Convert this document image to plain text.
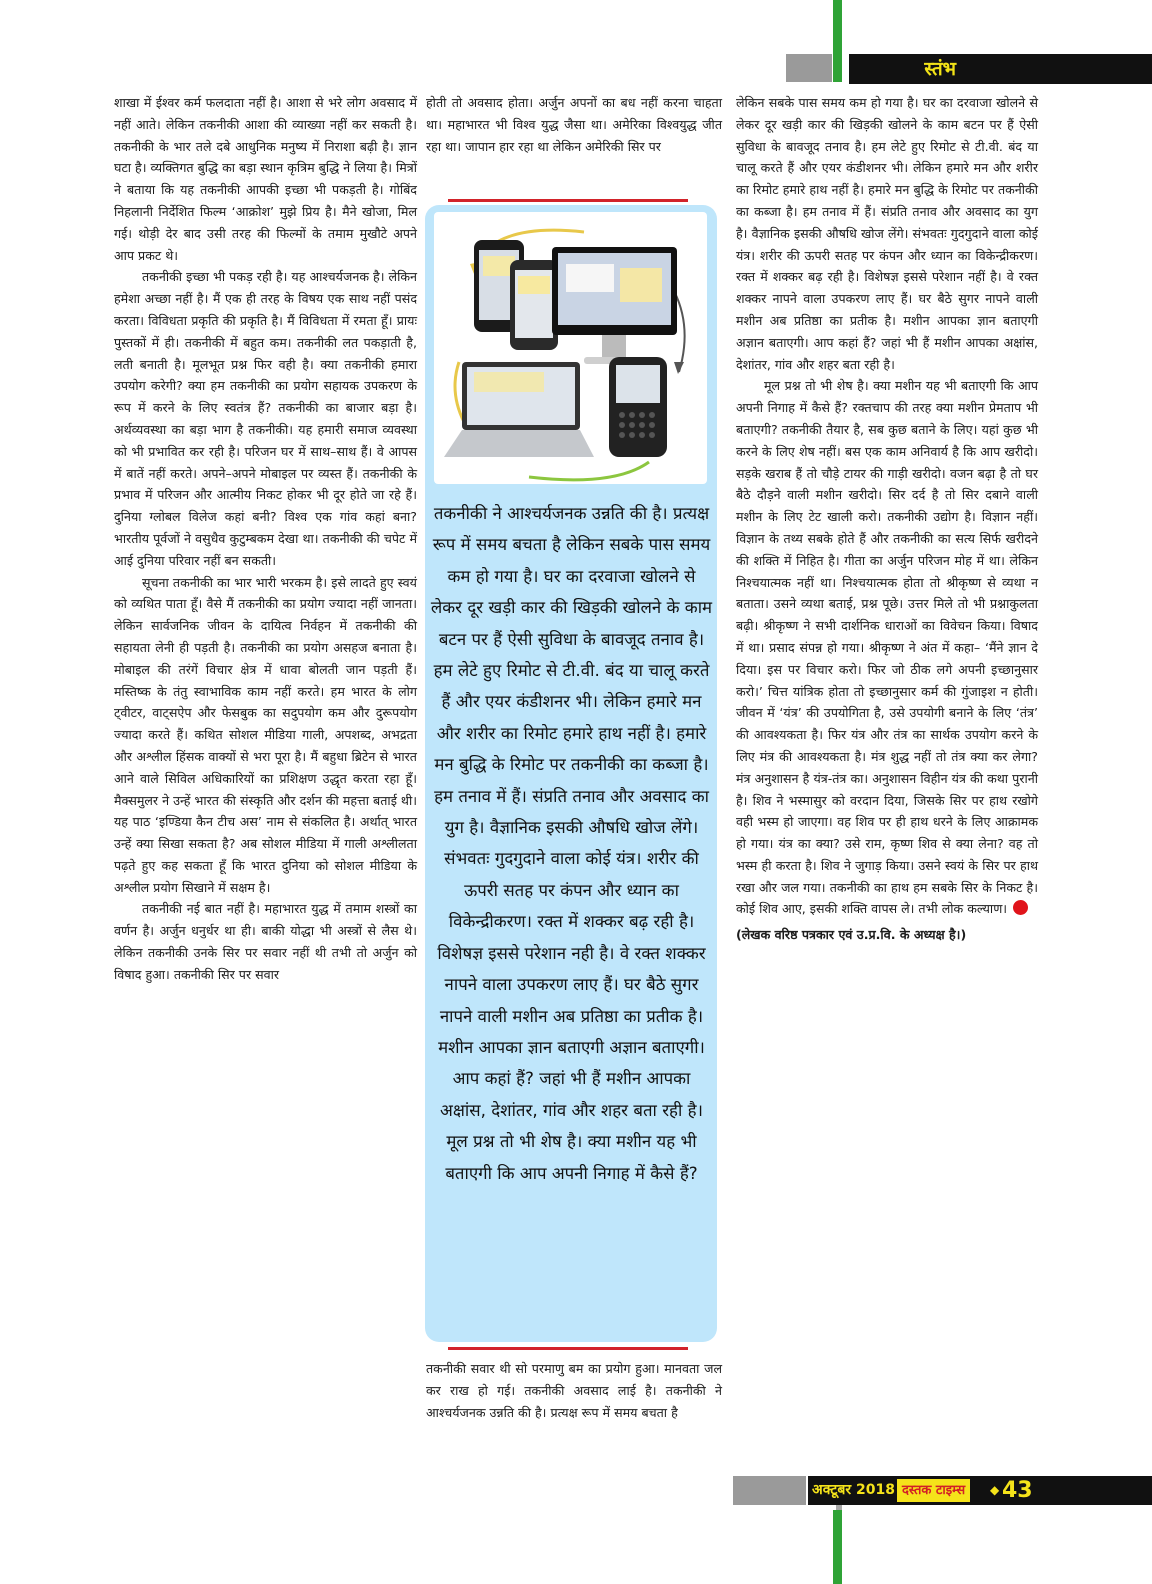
स्तंभ

शाखा में ईश्वर कर्म फलदाता नहीं है। आशा से भरे लोग अवसाद में नहीं आते। लेकिन तकनीकी आशा की व्याख्या नहीं कर सकती है। तकनीकी के भार तले दबे आधुनिक मनुष्य में निराशा बढ़ी है। ज्ञान घटा है। व्यक्तिगत बुद्धि का बड़ा स्थान कृत्रिम बुद्धि ने लिया है। मित्रों ने बताया कि यह तकनीकी आपकी इच्छा भी पकड़ती है। गोबिंद निहलानी निर्देशित फिल्म ‘आक्रोश’ मुझे प्रिय है। मैने खोजा, मिल गई। थोड़ी देर बाद उसी तरह की फिल्मों के तमाम मुखौटे अपने आप प्रकट थे।

तकनीकी इच्छा भी पकड़ रही है। यह आश्चर्यजनक है। लेकिन हमेशा अच्छा नहीं है। मैं एक ही तरह के विषय एक साथ नहीं पसंद करता। विविधता प्रकृति की प्रकृति है। मैं विविधता में रमता हूँ। प्रायः पुस्तकों में ही। तकनीकी में बहुत कम। तकनीकी लत पकड़ाती है, लती बनाती है। मूलभूत प्रश्न फिर वही है। क्या तकनीकी हमारा उपयोग करेगी? क्या हम तकनीकी का प्रयोग सहायक उपकरण के रूप में करने के लिए स्वतंत्र हैं? तकनीकी का बाजार बड़ा है। अर्थव्यवस्था का बड़ा भाग है तकनीकी। यह हमारी समाज व्यवस्था को भी प्रभावित कर रही है। परिजन घर में साथ–साथ हैं। वे आपस में बातें नहीं करते। अपने–अपने मोबाइल पर व्यस्त हैं। तकनीकी के प्रभाव में परिजन और आत्मीय निकट होकर भी दूर होते जा रहे हैं। दुनिया ग्लोबल विलेज कहां बनी? विश्व एक गांव कहां बना? भारतीय पूर्वजों ने वसुधैव कुटुम्बकम देखा था। तकनीकी की चपेट में आई दुनिया परिवार नहीं बन सकती।

सूचना तकनीकी का भार भारी भरकम है। इसे लादते हुए स्वयं को व्यथित पाता हूँ। वैसे मैं तकनीकी का प्रयोग ज्यादा नहीं जानता। लेकिन सार्वजनिक जीवन के दायित्व निर्वहन में तकनीकी की सहायता लेनी ही पड़ती है। तकनीकी का प्रयोग असहज बनाता है। मोबाइल की तरंगें विचार क्षेत्र में धावा बोलती जान पड़ती हैं। मस्तिष्क के तंतु स्वाभाविक काम नहीं करते। हम भारत के लोग ट्वीटर, वाट्सऐप और फेसबुक का सदुपयोग कम और दुरूपयोग ज्यादा करते हैं। कथित सोशल मीडिया गाली, अपशब्द, अभद्रता और अश्लील हिंसक वाक्यों से भरा पूरा है। मैं बहुधा ब्रिटेन से भारत आने वाले सिविल अधिकारियों का प्रशिक्षण उद्धृत करता रहा हूँ। मैक्समुलर ने उन्हें भारत की संस्कृति और दर्शन की महत्ता बताई थी। यह पाठ ‘इण्डिया कैन टीच अस’ नाम से संकलित है। अर्थात् भारत उन्हें क्या सिखा सकता है? अब सोशल मीडिया में गाली अश्लीलता पढ़ते हुए कह सकता हूँ कि भारत दुनिया को सोशल मीडिया के अश्लील प्रयोग सिखाने में सक्षम है।

तकनीकी नई बात नहीं है। महाभारत युद्ध में तमाम शस्त्रों का वर्णन है। अर्जुन धनुर्धर था ही। बाकी योद्धा भी अस्त्रों से लैस थे। लेकिन तकनीकी उनके सिर पर सवार नहीं थी तभी तो अर्जुन को विषाद हुआ। तकनीकी सिर पर सवार

होती तो अवसाद होता। अर्जुन अपनों का बध नहीं करना चाहता था। महाभारत भी विश्व युद्ध जैसा था। अमेरिका विश्वयुद्ध जीत रहा था। जापान हार रहा था लेकिन अमेरिकी सिर पर

तकनीकी ने आश्चर्यजनक उन्नति की है। प्रत्यक्ष रूप में समय बचता है लेकिन सबके पास समय कम हो गया है। घर का दरवाजा खोलने से लेकर दूर खड़ी कार की खिड़की खोलने के काम बटन पर हैं ऐसी सुविधा के बावजूद तनाव है। हम लेटे हुए रिमोट से टी.वी. बंद या चालू करते हैं और एयर कंडीशनर भी। लेकिन हमारे मन और शरीर का रिमोट हमारे हाथ नहीं है। हमारे मन बुद्धि के रिमोट पर तकनीकी का कब्जा है। हम तनाव में हैं। संप्रति तनाव और अवसाद का युग है। वैज्ञानिक इसकी औषधि खोज लेंगे। संभवतः गुदगुदाने वाला कोई यंत्र। शरीर की ऊपरी सतह पर कंपन और ध्यान का विकेन्द्रीकरण। रक्त में शक्कर बढ़ रही है। विशेषज्ञ इससे परेशान नही है। वे रक्त शक्कर नापने वाला उपकरण लाए हैं। घर बैठे सुगर नापने वाली मशीन अब प्रतिष्ठा का प्रतीक है। मशीन आपका ज्ञान बताएगी अज्ञान बताएगी। आप कहां हैं? जहां भी हैं मशीन आपका अक्षांस, देशांतर, गांव और शहर बता रही है। मूल प्रश्न तो भी शेष है। क्या मशीन यह भी बताएगी कि आप अपनी निगाह में कैसे हैं?

तकनीकी सवार थी सो परमाणु बम का प्रयोग हुआ। मानवता जल कर राख हो गई। तकनीकी अवसाद लाई है। तकनीकी ने आश्चर्यजनक उन्नति की है। प्रत्यक्ष रूप में समय बचता है

लेकिन सबके पास समय कम हो गया है। घर का दरवाजा खोलने से लेकर दूर खड़ी कार की खिड़की खोलने के काम बटन पर हैं ऐसी सुविधा के बावजूद तनाव है। हम लेटे हुए रिमोट से टी.वी. बंद या चालू करते हैं और एयर कंडीशनर भी। लेकिन हमारे मन और शरीर का रिमोट हमारे हाथ नहीं है। हमारे मन बुद्धि के रिमोट पर तकनीकी का कब्जा है। हम तनाव में हैं। संप्रति तनाव और अवसाद का युग है। वैज्ञानिक इसकी औषधि खोज लेंगे। संभवतः गुदगुदाने वाला कोई यंत्र। शरीर की ऊपरी सतह पर कंपन और ध्यान का विकेन्द्रीकरण। रक्त में शक्कर बढ़ रही है। विशेषज्ञ इससे परेशान नहीं है। वे रक्त शक्कर नापने वाला उपकरण लाए हैं। घर बैठे सुगर नापने वाली मशीन अब प्रतिष्ठा का प्रतीक है। मशीन आपका ज्ञान बताएगी अज्ञान बताएगी। आप कहां हैं? जहां भी हैं मशीन आपका अक्षांस, देशांतर, गांव और शहर बता रही है।

मूल प्रश्न तो भी शेष है। क्या मशीन यह भी बताएगी कि आप अपनी निगाह में कैसे हैं? रक्तचाप की तरह क्या मशीन प्रेमताप भी बताएगी? तकनीकी तैयार है, सब कुछ बताने के लिए। यहां कुछ भी करने के लिए शेष नहीं। बस एक काम अनिवार्य है कि आप खरीदो। सड़के खराब हैं तो चौड़े टायर की गाड़ी खरीदो। वजन बढ़ा है तो घर बैठे दौड़ने वाली मशीन खरीदो। सिर दर्द है तो सिर दबाने वाली मशीन के लिए टेट खाली करो। तकनीकी उद्योग है। विज्ञान नहीं। विज्ञान के तथ्य सबके होते हैं और तकनीकी का सत्य सिर्फ खरीदने की शक्ति में निहित है। गीता का अर्जुन परिजन मोह में था। लेकिन निश्चयात्मक नहीं था। निश्चयात्मक होता तो श्रीकृष्ण से व्यथा न बताता। उसने व्यथा बताई, प्रश्न पूछे। उत्तर मिले तो भी प्रश्नाकुलता बढ़ी। श्रीकृष्ण ने सभी दार्शनिक धाराओं का विवेचन किया। विषाद में था। प्रसाद संपन्न हो गया। श्रीकृष्ण ने अंत में कहा– ‘मैंने ज्ञान दे दिया। इस पर विचार करो। फिर जो ठीक लगे अपनी इच्छानुसार करो।’ चित्त यांत्रिक होता तो इच्छानुसार कर्म की गुंजाइश न होती। जीवन में ‘यंत्र’ की उपयोगिता है, उसे उपयोगी बनाने के लिए ‘तंत्र’ की आवश्यकता है। फिर यंत्र और तंत्र का सार्थक उपयोग करने के लिए मंत्र की आवश्यकता है। मंत्र शुद्ध नहीं तो तंत्र क्या कर लेगा? मंत्र अनुशासन है यंत्र-तंत्र का। अनुशासन विहीन यंत्र की कथा पुरानी है। शिव ने भस्मासुर को वरदान दिया, जिसके सिर पर हाथ रखोगे वही भस्म हो जाएगा। वह शिव पर ही हाथ धरने के लिए आक्रामक हो गया। यंत्र का क्या? उसे राम, कृष्ण शिव से क्या लेना? वह तो भस्म ही करता है। शिव ने जुगाड़ किया। उसने स्वयं के सिर पर हाथ रखा और जल गया। तकनीकी का हाथ हम सबके सिर के निकट है। कोई शिव आए, इसकी शक्ति वापस ले। तभी लोक कल्याण।

(लेखक वरिष्ठ पत्रकार एवं उ.प्र.वि. के अध्यक्ष है।)

अक्टूबर 2018 दस्तक टाइम्स	◆ 43
